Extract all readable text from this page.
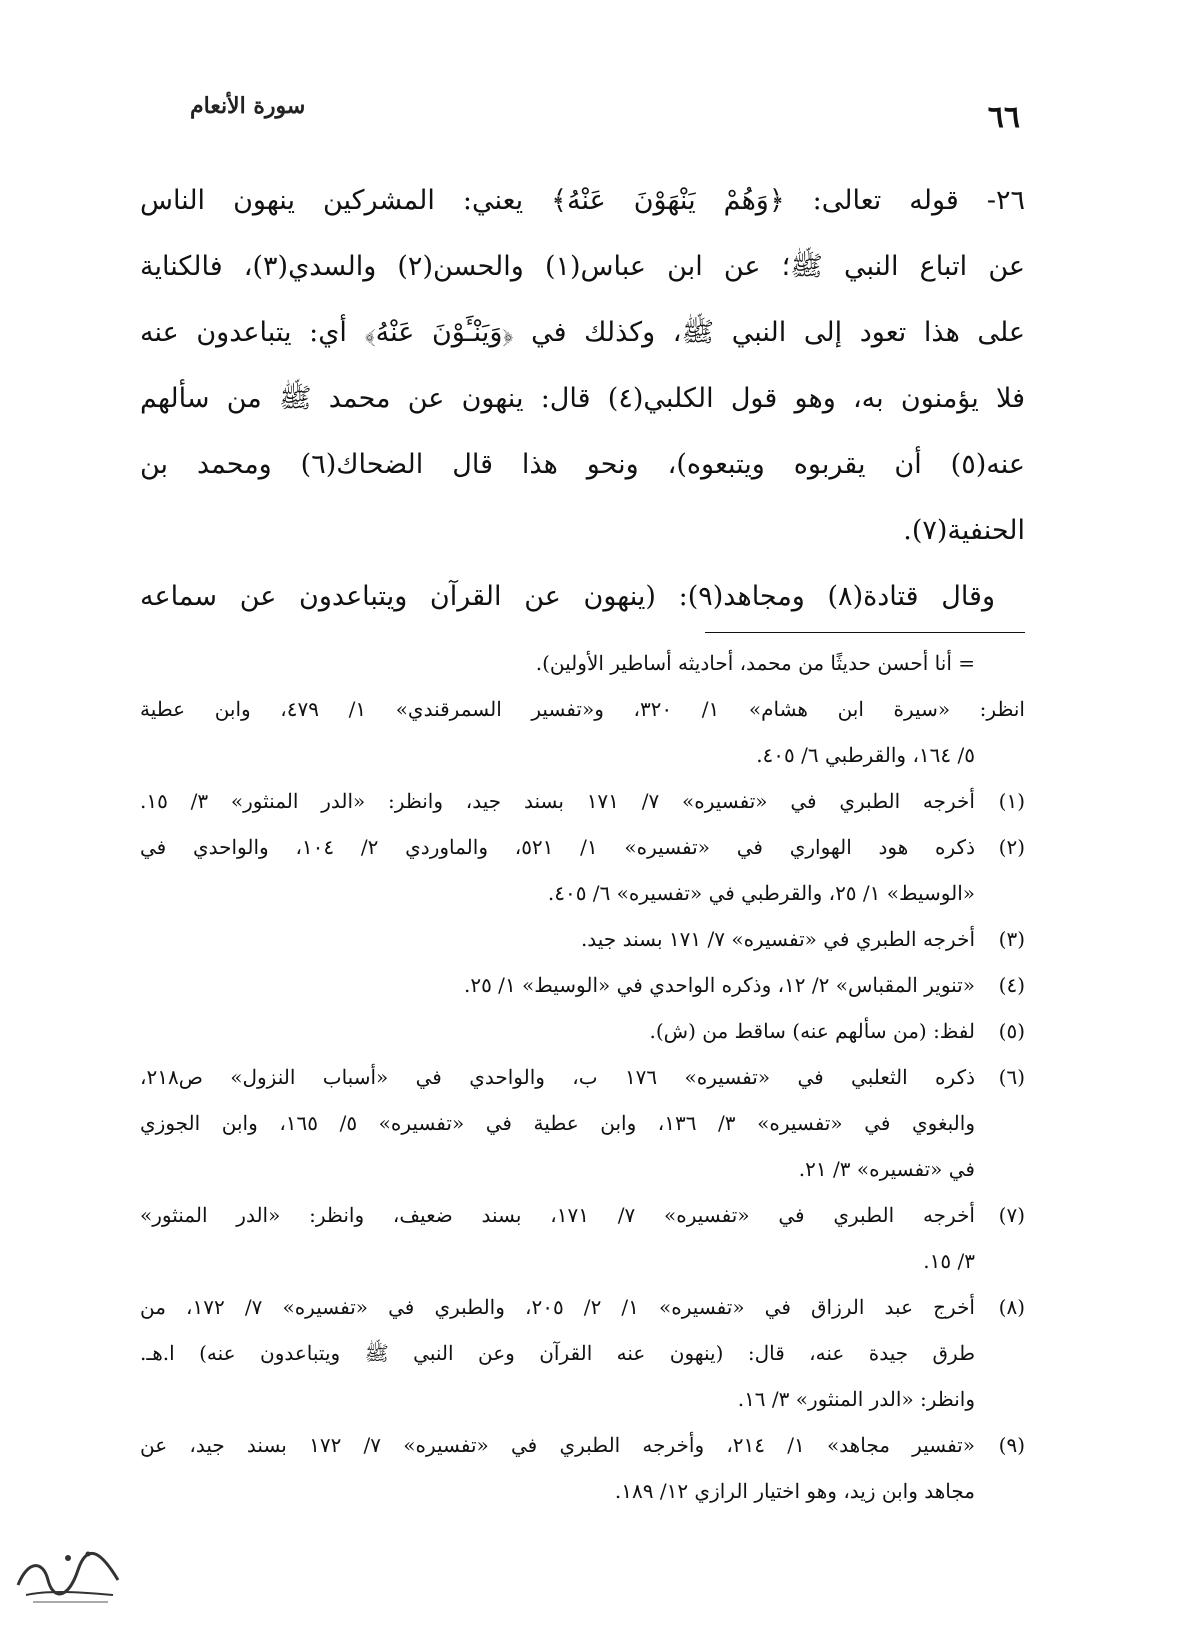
٦٦
سورة الأنعام
٢٦- قوله تعالى: ﴿وَهُمْ يَنْهَوْنَ عَنْهُ﴾ يعني: المشركين ينهون الناس
عن اتباع النبي ﷺ؛ عن ابن عباس(١) والحسن(٢) والسدي(٣)، فالكناية
على هذا تعود إلى النبي ﷺ، وكذلك في ﴿وَيَنْـَٔوْنَ عَنْهُ﴾ أي: يتباعدون عنه
فلا يؤمنون به، وهو قول الكلبي(٤) قال: ينهون عن محمد ﷺ من سألهم
عنه(٥) أن يقربوه ويتبعوه)، ونحو هذا قال الضحاك(٦) ومحمد بن
الحنفية(٧).
وقال قتادة(٨) ومجاهد(٩): (ينهون عن القرآن ويتباعدون عن سماعه
= أنا أحسن حديثًا من محمد، أحاديثه أساطير الأولين).
انظر: «سيرة ابن هشام» ١/ ٣٢٠، و«تفسير السمرقندي» ١/ ٤٧٩، وابن عطية
٥/ ١٦٤، والقرطبي ٦/ ٤٠٥.
(١)
أخرجه الطبري في «تفسيره» ٧/ ١٧١ بسند جيد، وانظر: «الدر المنثور» ٣/ ١٥.
(٢)
ذكره هود الهواري في «تفسيره» ١/ ٥٢١، والماوردي ٢/ ١٠٤، والواحدي في
«الوسيط» ١/ ٢٥، والقرطبي في «تفسيره» ٦/ ٤٠٥.
(٣)
أخرجه الطبري في «تفسيره» ٧/ ١٧١ بسند جيد.
(٤)
«تنوير المقباس» ٢/ ١٢، وذكره الواحدي في «الوسيط» ١/ ٢٥.
(٥)
لفظ: (من سألهم عنه) ساقط من (ش).
(٦)
ذكره الثعلبي في «تفسيره» ١٧٦ ب، والواحدي في «أسباب النزول» ص٢١٨،
والبغوي في «تفسيره» ٣/ ١٣٦، وابن عطية في «تفسيره» ٥/ ١٦٥، وابن الجوزي
في «تفسيره» ٣/ ٢١.
(٧)
أخرجه الطبري في «تفسيره» ٧/ ١٧١، بسند ضعيف، وانظر: «الدر المنثور»
٣/ ١٥.
(٨)
أخرج عبد الرزاق في «تفسيره» ١/ ٢/ ٢٠٥، والطبري في «تفسيره» ٧/ ١٧٢، من
طرق جيدة عنه، قال: (ينهون عنه القرآن وعن النبي ﷺ ويتباعدون عنه) ا.هـ.
وانظر: «الدر المنثور» ٣/ ١٦.
(٩)
«تفسير مجاهد» ١/ ٢١٤، وأخرجه الطبري في «تفسيره» ٧/ ١٧٢ بسند جيد، عن
مجاهد وابن زيد، وهو اختيار الرازي ١٢/ ١٨٩.
